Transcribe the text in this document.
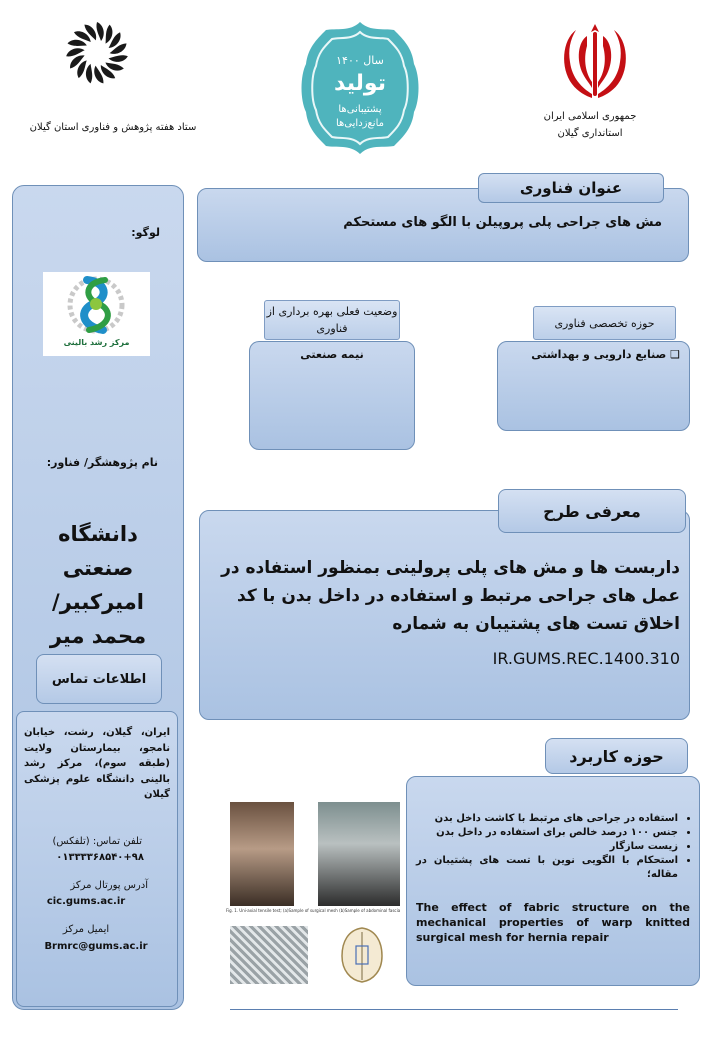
ستاد هفته پژوهش و فناوری استان گیلان
سال ۱۴۰۰
تولید
پشتیبانی‌ها
مانع‌زدایی‌ها
جمهوری اسلامی ایران
استانداری گیلان
لوگو:
مرکز رشد بالینی
نام پژوهشگر/ فناور:
دانشگاه صنعتی امیرکبیر/ محمد میر
اطلاعات تماس
ایران، گیلان، رشت، خیابان نامجو، بیمارستان ولایت (طبقه سوم)، مرکز رشد بالینی دانشگاه علوم پزشکی گیلان
تلفن تماس: (تلفکس)
۰۱۳۳۳۳۶۸۵۴۰+۹۸
آدرس پورتال مرکز
cic.gums.ac.ir
ایمیل مرکز
Brmrc@gums.ac.ir
عنوان فناوری
مش های جراحی پلی پروپیلن با الگو های مستحکم
وضعیت فعلی بهره برداری از فناوری
نیمه صنعتی
حوزه تخصصی فناوری
❑ صنایع دارویی و بهداشتی
معرفی طرح
داربست ها و مش های پلی پرولینی بمنظور استفاده در عمل های جراحی مرتبط و استفاده در داخل بدن با کد اخلاق تست های پشتیبان به شماره
IR.GUMS.REC.1400.310
حوزه کاربرد
• استفاده در جراحی های مرتبط با کاشت داخل بدن
• جنس ۱۰۰ درصد خالص برای استفاده در داخل بدن
• زیست سازگار
• استحکام با الگویی نوین با تست های پشتیبان در مقاله؛
The effect of fabric structure on the mechanical properties of warp knitted surgical mesh for hernia repair
Fig. 1. Uni-axial tensile test; (a)Sample of surgical mesh (b)Sample of abdominal fascia
